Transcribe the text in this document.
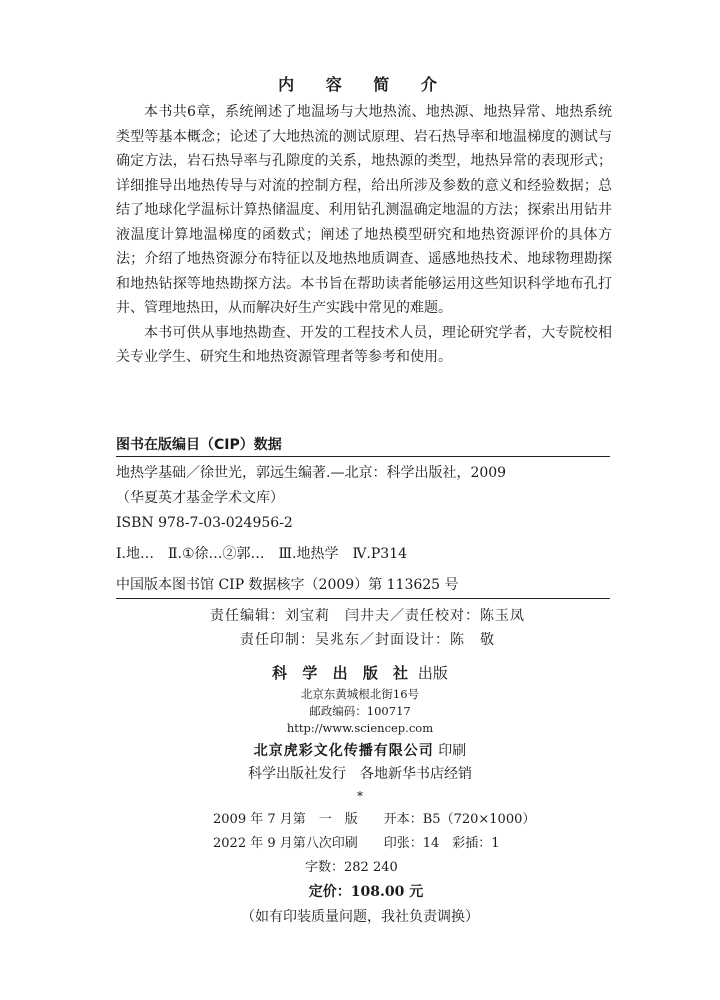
内 容 简 介

本书共6章，系统阐述了地温场与大地热流、地热源、地热异常、地热系统类型等基本概念；论述了大地热流的测试原理、岩石热导率和地温梯度的测试与确定方法，岩石热导率与孔隙度的关系，地热源的类型，地热异常的表现形式；详细推导出地热传导与对流的控制方程，给出所涉及参数的意义和经验数据；总结了地球化学温标计算热储温度、利用钻孔测温确定地温的方法；探索出用钻井液温度计算地温梯度的函数式；阐述了地热模型研究和地热资源评价的具体方法；介绍了地热资源分布特征以及地热地质调查、遥感地热技术、地球物理勘探和地热钻探等地热勘探方法。本书旨在帮助读者能够运用这些知识科学地布孔打井、管理地热田，从而解决好生产实践中常见的难题。

本书可供从事地热勘查、开发的工程技术人员，理论研究学者，大专院校相关专业学生、研究生和地热资源管理者等参考和使用。

图书在版编目（CIP）数据
地热学基础／徐世光，郭远生编著.—北京：科学出版社，2009
（华夏英才基金学术文库）
ISBN 978-7-03-024956-2
Ⅰ.地…　Ⅱ.①徐…②郭…　Ⅲ.地热学　Ⅳ.P314
中国版本图书馆 CIP 数据核字（2009）第 113625 号
责任编辑：刘宝莉　闫井夫／责任校对：陈玉凤
责任印制：吴兆东／封面设计：陈　敬
科 学 出 版 社 出版
北京东黄城根北街16号
邮政编码：100717
http://www.sciencep.com
北京虎彩文化传播有限公司 印刷
科学出版社发行　各地新华书店经销
*
2009 年 7 月第　一　版　　开本：B5（720×1000）
2022 年 9 月第八次印刷　　印张：14　彩插：1
字数：282 240
定价：108.00 元
（如有印装质量问题，我社负责调换）
